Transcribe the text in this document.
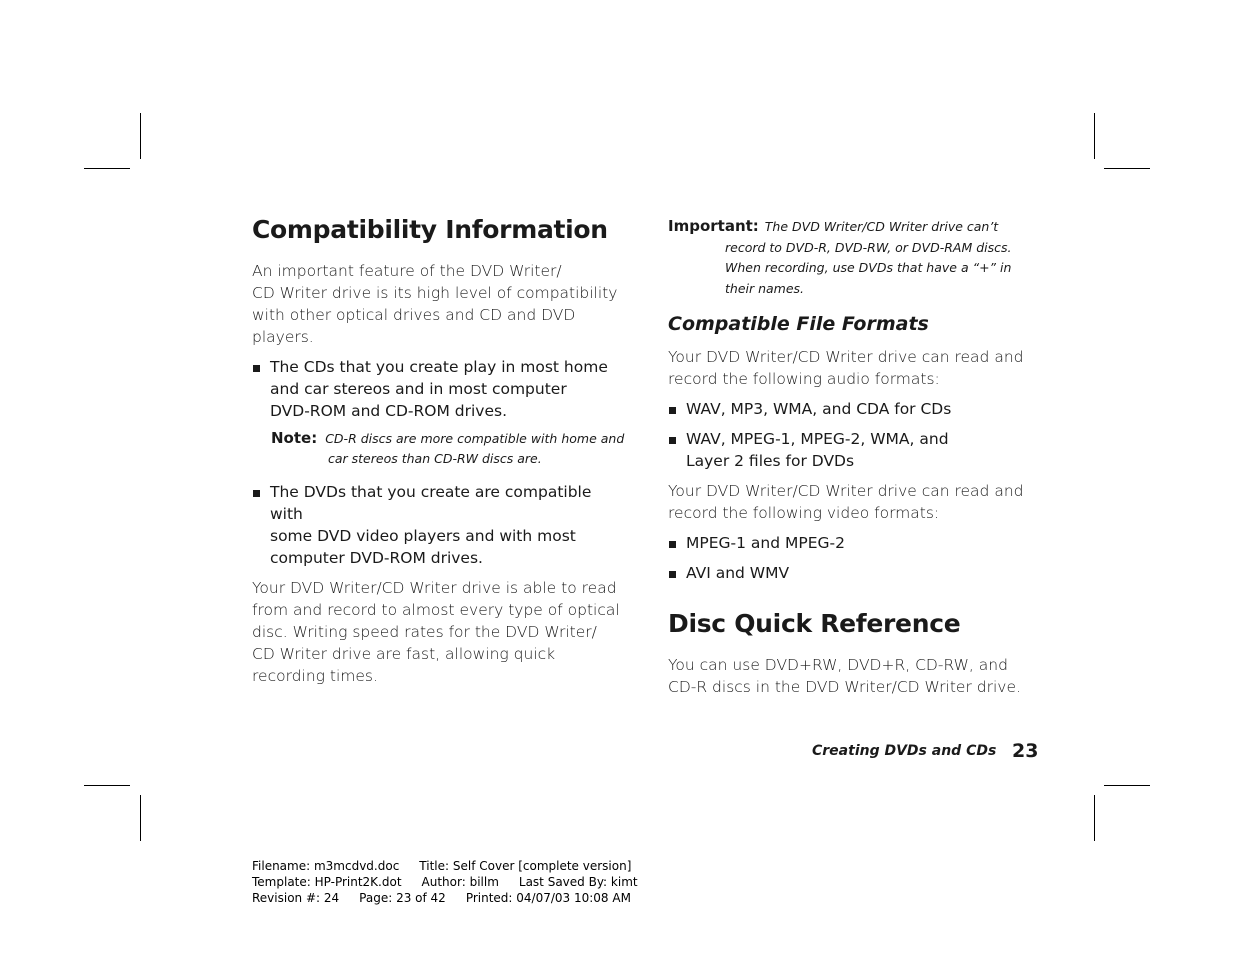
Compatibility Information

An important feature of the DVD Writer/
CD Writer drive is its high level of compatibility
with other optical drives and CD and DVD
players.

The CDs that you create play in most home
and car stereos and in most computer
DVD-ROM and CD-ROM drives.
Note: CD-R discs are more compatible with home and
car stereos than CD-RW discs are.
The DVDs that you create are compatible with
some DVD video players and with most
computer DVD-ROM drives.

Your DVD Writer/CD Writer drive is able to read
from and record to almost every type of optical
disc. Writing speed rates for the DVD Writer/
CD Writer drive are fast, allowing quick
recording times.

Important: The DVD Writer/CD Writer drive can’t
record to DVD-R, DVD-RW, or DVD-RAM discs.
When recording, use DVDs that have a “+” in
their names.
Compatible File Formats

Your DVD Writer/CD Writer drive can read and
record the following audio formats:

WAV, MP3, WMA, and CDA for CDs
WAV, MPEG-1, MPEG-2, WMA, and
Layer 2 files for DVDs

Your DVD Writer/CD Writer drive can read and
record the following video formats:

MPEG-1 and MPEG-2
AVI and WMV
Disc Quick Reference

You can use DVD+RW, DVD+R, CD-RW, and
CD-R discs in the DVD Writer/CD Writer drive.

Creating DVDs and CDs 23
Filename: m3mcdvd.doc Title: Self Cover [complete version]
Template: HP-Print2K.dot Author: billm Last Saved By: kimt
Revision #: 24 Page: 23 of 42 Printed: 04/07/03 10:08 AM
